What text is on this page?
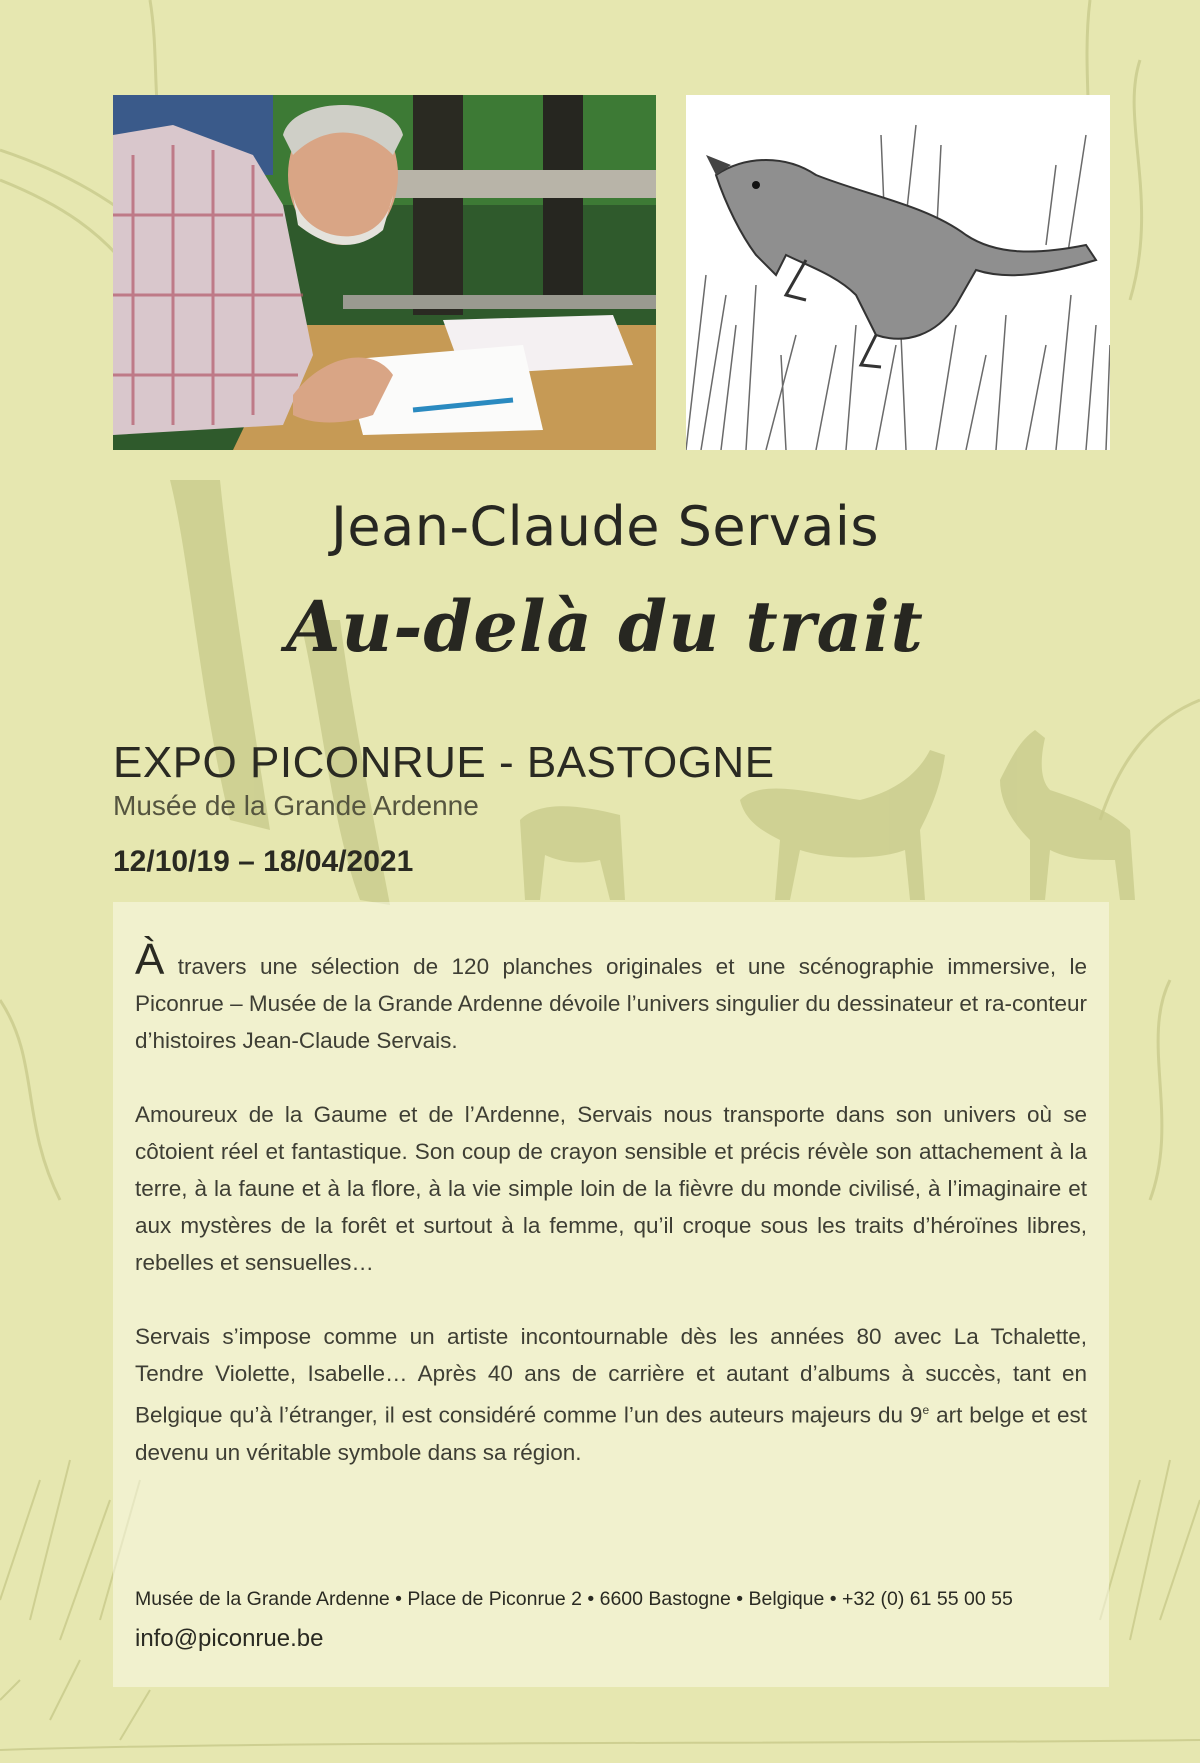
Jean-Claude Servais
Au-delà du trait
EXPO PICONRUE - BASTOGNE
Musée de la Grande Ardenne
12/10/19 – 18/04/2021

À travers une sélection de 120 planches originales et une scénographie immersive, le Piconrue – Musée de la Grande Ardenne dévoile l’univers singulier du dessinateur et ra-conteur d’histoires Jean-Claude Servais.

Amoureux de la Gaume et de l’Ardenne, Servais nous transporte dans son univers où se côtoient réel et fantastique. Son coup de crayon sensible et précis révèle son attachement à la terre, à la faune et à la flore, à la vie simple loin de la fièvre du monde civilisé, à l’imaginaire et aux mystères de la forêt et surtout à la femme, qu’il croque sous les traits d’héroïnes libres, rebelles et sensuelles…

Servais s’impose comme un artiste incontournable dès les années 80 avec La Tchalette, Tendre Violette, Isabelle… Après 40 ans de carrière et autant d’albums à succès, tant en Belgique qu’à l’étranger, il est considéré comme l’un des auteurs majeurs du 9e art belge et est devenu un véritable symbole dans sa région.

Musée de la Grande Ardenne • Place de Piconrue 2 • 6600 Bastogne • Belgique • +32 (0) 61 55 00 55

info@piconrue.be
